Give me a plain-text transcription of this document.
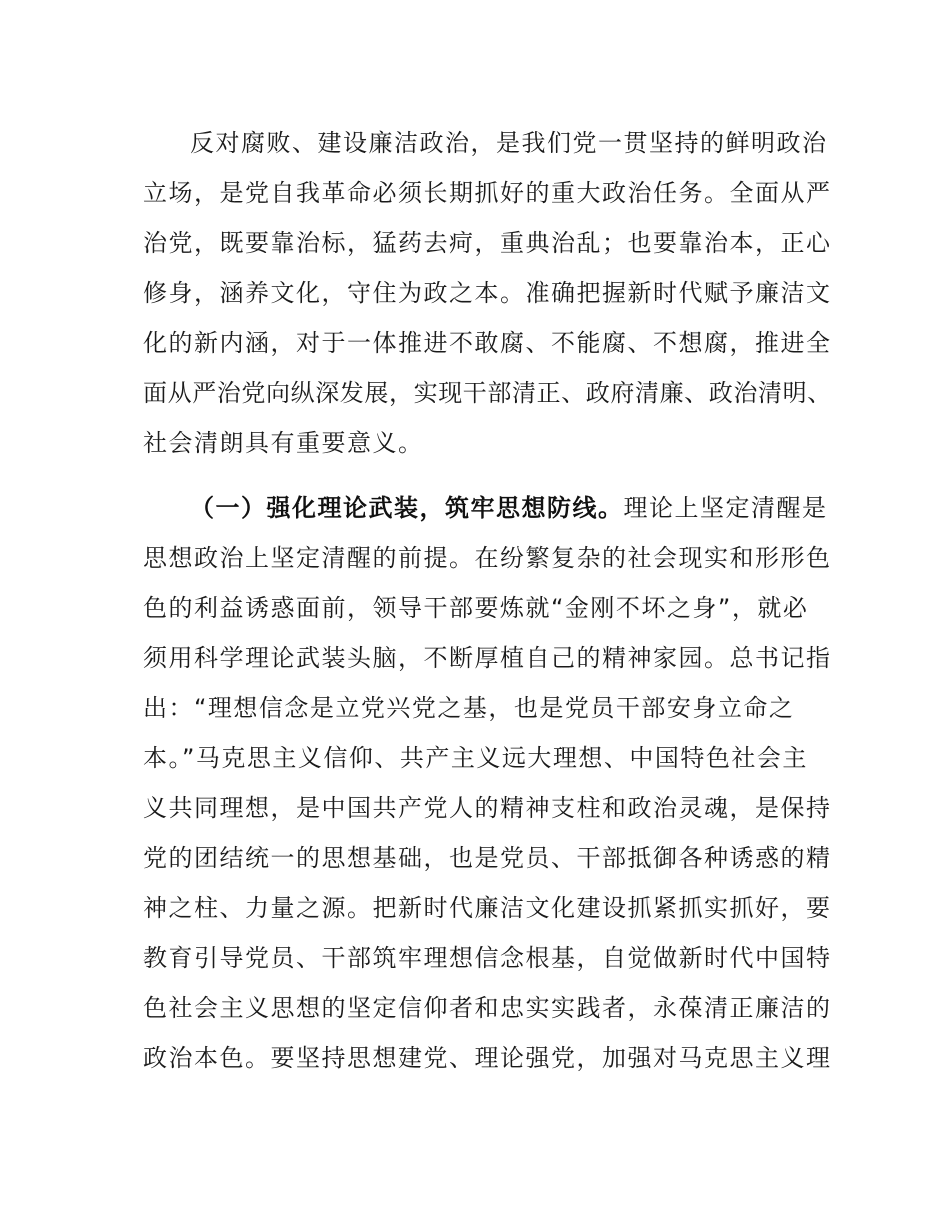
反对腐败、建设廉洁政治，是我们党一贯坚持的鲜明政治
立场，是党自我革命必须长期抓好的重大政治任务。全面从严
治党，既要靠治标，猛药去疴，重典治乱；也要靠治本，正心
修身，涵养文化，守住为政之本。准确把握新时代赋予廉洁文
化的新内涵，对于一体推进不敢腐、不能腐、不想腐，推进全
面从严治党向纵深发展，实现干部清正、政府清廉、政治清明、
社会清朗具有重要意义。
（一）强化理论武装，筑牢思想防线。理论上坚定清醒是
思想政治上坚定清醒的前提。在纷繁复杂的社会现实和形形色
色的利益诱惑面前，领导干部要炼就“金刚不坏之身”，就必
须用科学理论武装头脑，不断厚植自己的精神家园。总书记指
出：“理想信念是立党兴党之基，也是党员干部安身立命之
本。”马克思主义信仰、共产主义远大理想、中国特色社会主
义共同理想，是中国共产党人的精神支柱和政治灵魂，是保持
党的团结统一的思想基础，也是党员、干部抵御各种诱惑的精
神之柱、力量之源。把新时代廉洁文化建设抓紧抓实抓好，要
教育引导党员、干部筑牢理想信念根基，自觉做新时代中国特
色社会主义思想的坚定信仰者和忠实实践者，永葆清正廉洁的
政治本色。要坚持思想建党、理论强党，加强对马克思主义理
